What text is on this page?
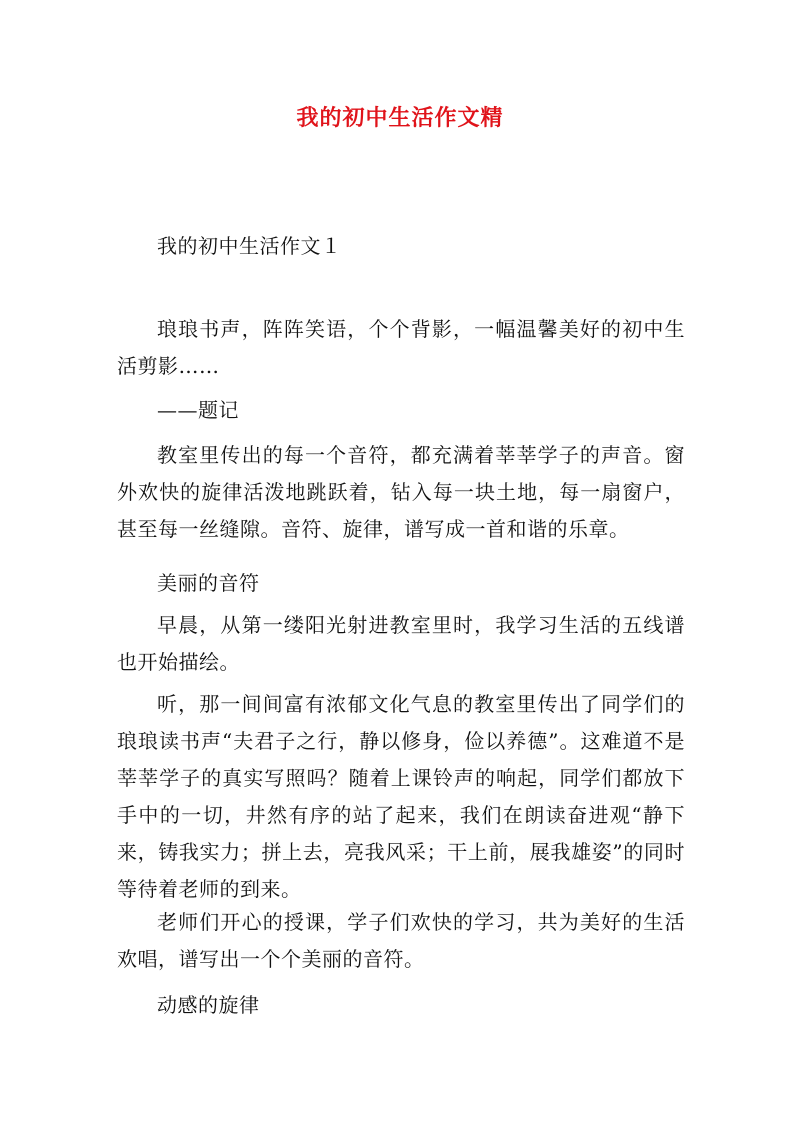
我的初中生活作文精

我的初中生活作文１

琅琅书声，阵阵笑语，个个背影，一幅温馨美好的初中生活剪影……

——题记

教室里传出的每一个音符，都充满着莘莘学子的声音。窗外欢快的旋律活泼地跳跃着，钻入每一块土地，每一扇窗户，甚至每一丝缝隙。音符、旋律，谱写成一首和谐的乐章。

美丽的音符

早晨，从第一缕阳光射进教室里时，我学习生活的五线谱也开始描绘。

听，那一间间富有浓郁文化气息的教室里传出了同学们的琅琅读书声“夫君子之行，静以修身，俭以养德”。这难道不是莘莘学子的真实写照吗？随着上课铃声的响起，同学们都放下手中的一切，井然有序的站了起来，我们在朗读奋进观“静下来，铸我实力；拼上去，亮我风采；干上前，展我雄姿”的同时等待着老师的到来。

老师们开心的授课，学子们欢快的学习，共为美好的生活欢唱，谱写出一个个美丽的音符。

动感的旋律
